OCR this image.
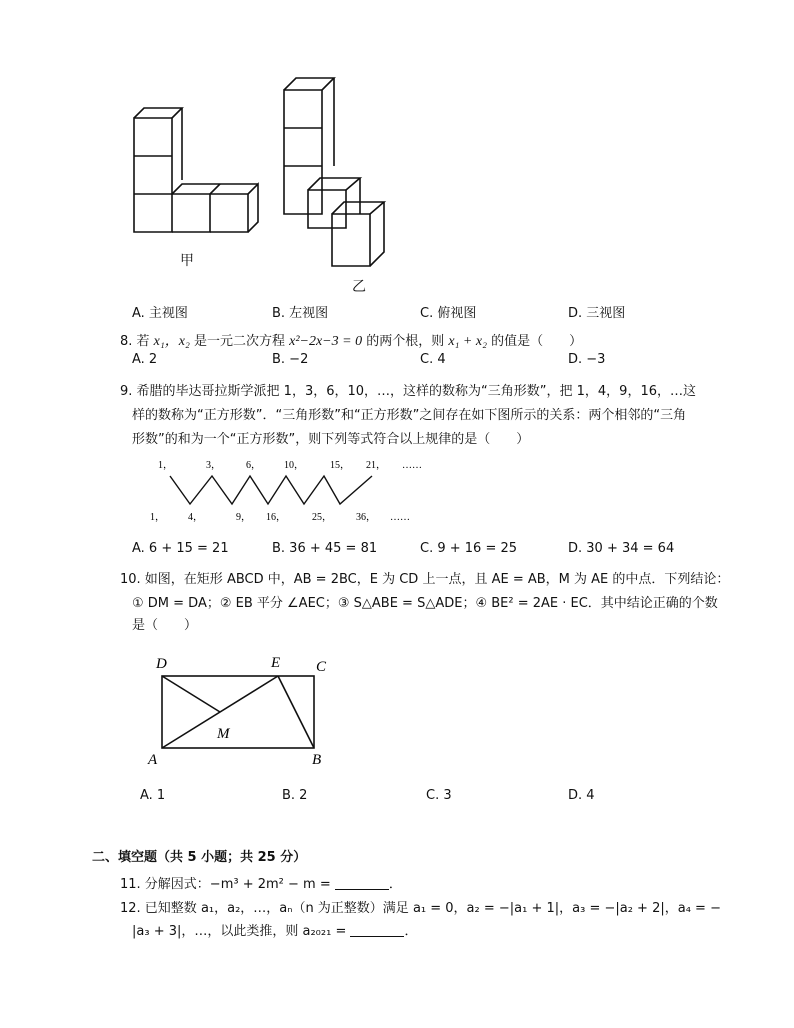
甲
乙
A. 主视图	B. 左视图	C. 俯视图	D. 三视图
8. 若 x₁，x₂ 是一元二次方程 x²−2x−3 = 0 的两个根，则 x₁ + x₂ 的值是（　　）
A. 2	B. −2	C. 4	D. −3
9. 希腊的毕达哥拉斯学派把 1，3，6，10，…，这样的数称为“三角形数”，把 1，4，9，16，…这
样的数称为“正方形数”．“三角形数”和“正方形数”之间存在如下图所示的关系：两个相邻的“三角
形数”的和为一个“正方形数”，则下列等式符合以上规律的是（　　）
1，	3，	6， 10，	15， 21， ……
1， 4，	9， 16，	25， 36， ……
A. 6 + 15 = 21	B. 36 + 45 = 81	C. 9 + 16 = 25	D. 30 + 34 = 64
10. 如图，在矩形 ABCD 中，AB = 2BC，E 为 CD 上一点，且 AE = AB，M 为 AE 的中点．下列结论：
① DM = DA；② EB 平分 ∠AEC；③ S△ABE = S△ADE；④ BE² = 2AE · EC．其中结论正确的个数
是（　　）
D	E C
M
A	B
A. 1	B. 2	C. 3	D. 4
二、填空题（共 5 小题；共 25 分）
11. 分解因式：−m³ + 2m² − m =	．
12. 已知整数 a₁，a₂，…，aₙ（n 为正整数）满足 a₁ = 0，a₂ = −|a₁ + 1|，a₃ = −|a₂ + 2|，a₄ = −
|a₃ + 3|，…，以此类推，则 a₂₀₂₁ =	．
